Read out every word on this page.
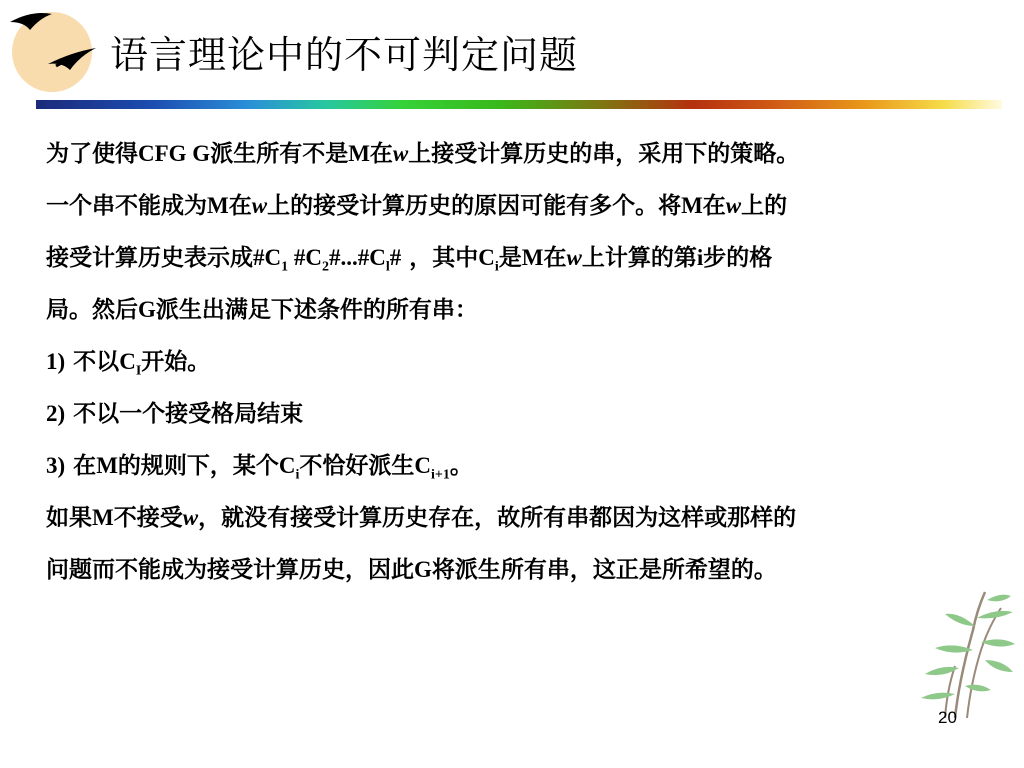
语言理论中的不可判定问题
为了使得CFG G派生所有不是M在w上接受计算历史的串，采用下的策略。
一个串不能成为M在w上的接受计算历史的原因可能有多个。将M在w上的
接受计算历史表示成$\#C_1$ $\#C_2\#...\#C_l\#$ ，其中$C_i$是M在w上计算的第i步的格
局。然后G派生出满足下述条件的所有串：
1) 不以$C_I$开始。
2) 不以一个接受格局结束
3) 在M的规则下，某个$C_i$不恰好派生$C_{i+1}$。
如果M不接受w，就没有接受计算历史存在，故所有串都因为这样或那样的
问题而不能成为接受计算历史，因此G将派生所有串，这正是所希望的。
20
